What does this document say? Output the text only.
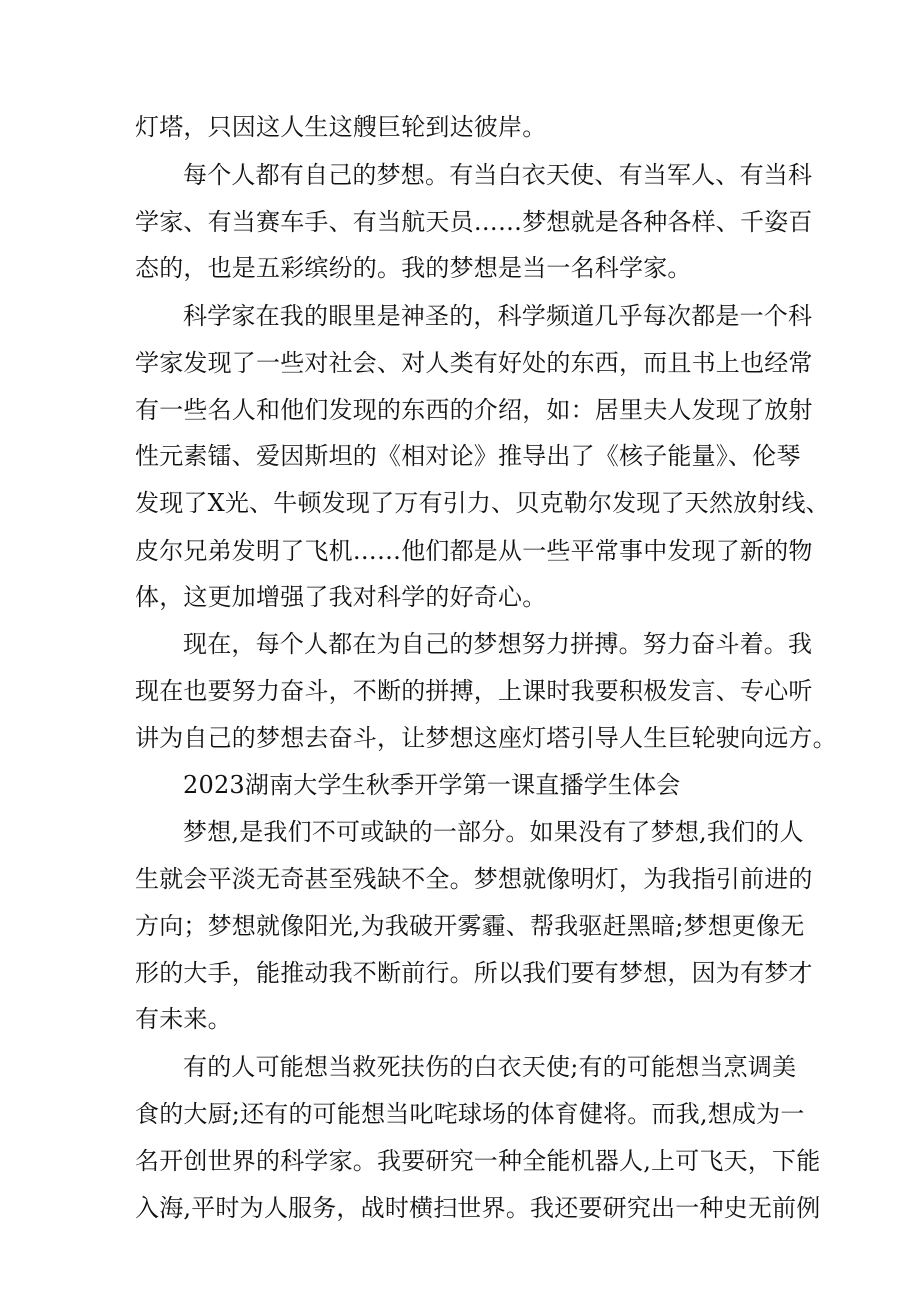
灯塔，只因这人生这艘巨轮到达彼岸。
每个人都有自己的梦想。有当白衣天使、有当军人、有当科
学家、有当赛车手、有当航天员……梦想就是各种各样、千姿百
态的，也是五彩缤纷的。我的梦想是当一名科学家。
科学家在我的眼里是神圣的，科学频道几乎每次都是一个科
学家发现了一些对社会、对人类有好处的东西，而且书上也经常
有一些名人和他们发现的东西的介绍，如：居里夫人发现了放射
性元素镭、爱因斯坦的《相对论》推导出了《核子能量》、伦琴
发现了X光、牛顿发现了万有引力、贝克勒尔发现了天然放射线、
皮尔兄弟发明了飞机……他们都是从一些平常事中发现了新的物
体，这更加增强了我对科学的好奇心。
现在，每个人都在为自己的梦想努力拼搏。努力奋斗着。我
现在也要努力奋斗，不断的拼搏，上课时我要积极发言、专心听
讲为自己的梦想去奋斗，让梦想这座灯塔引导人生巨轮驶向远方。
2023湖南大学生秋季开学第一课直播学生体会
梦想,是我们不可或缺的一部分。如果没有了梦想,我们的人
生就会平淡无奇甚至残缺不全。梦想就像明灯，为我指引前进的
方向；梦想就像阳光,为我破开雾霾、帮我驱赶黑暗;梦想更像无
形的大手，能推动我不断前行。所以我们要有梦想，因为有梦才
有未来。
有的人可能想当救死扶伤的白衣天使;有的可能想当烹调美
食的大厨;还有的可能想当叱咤球场的体育健将。而我,想成为一
名开创世界的科学家。我要研究一种全能机器人,上可飞天，下能
入海,平时为人服务，战时横扫世界。我还要研究出一种史无前例
